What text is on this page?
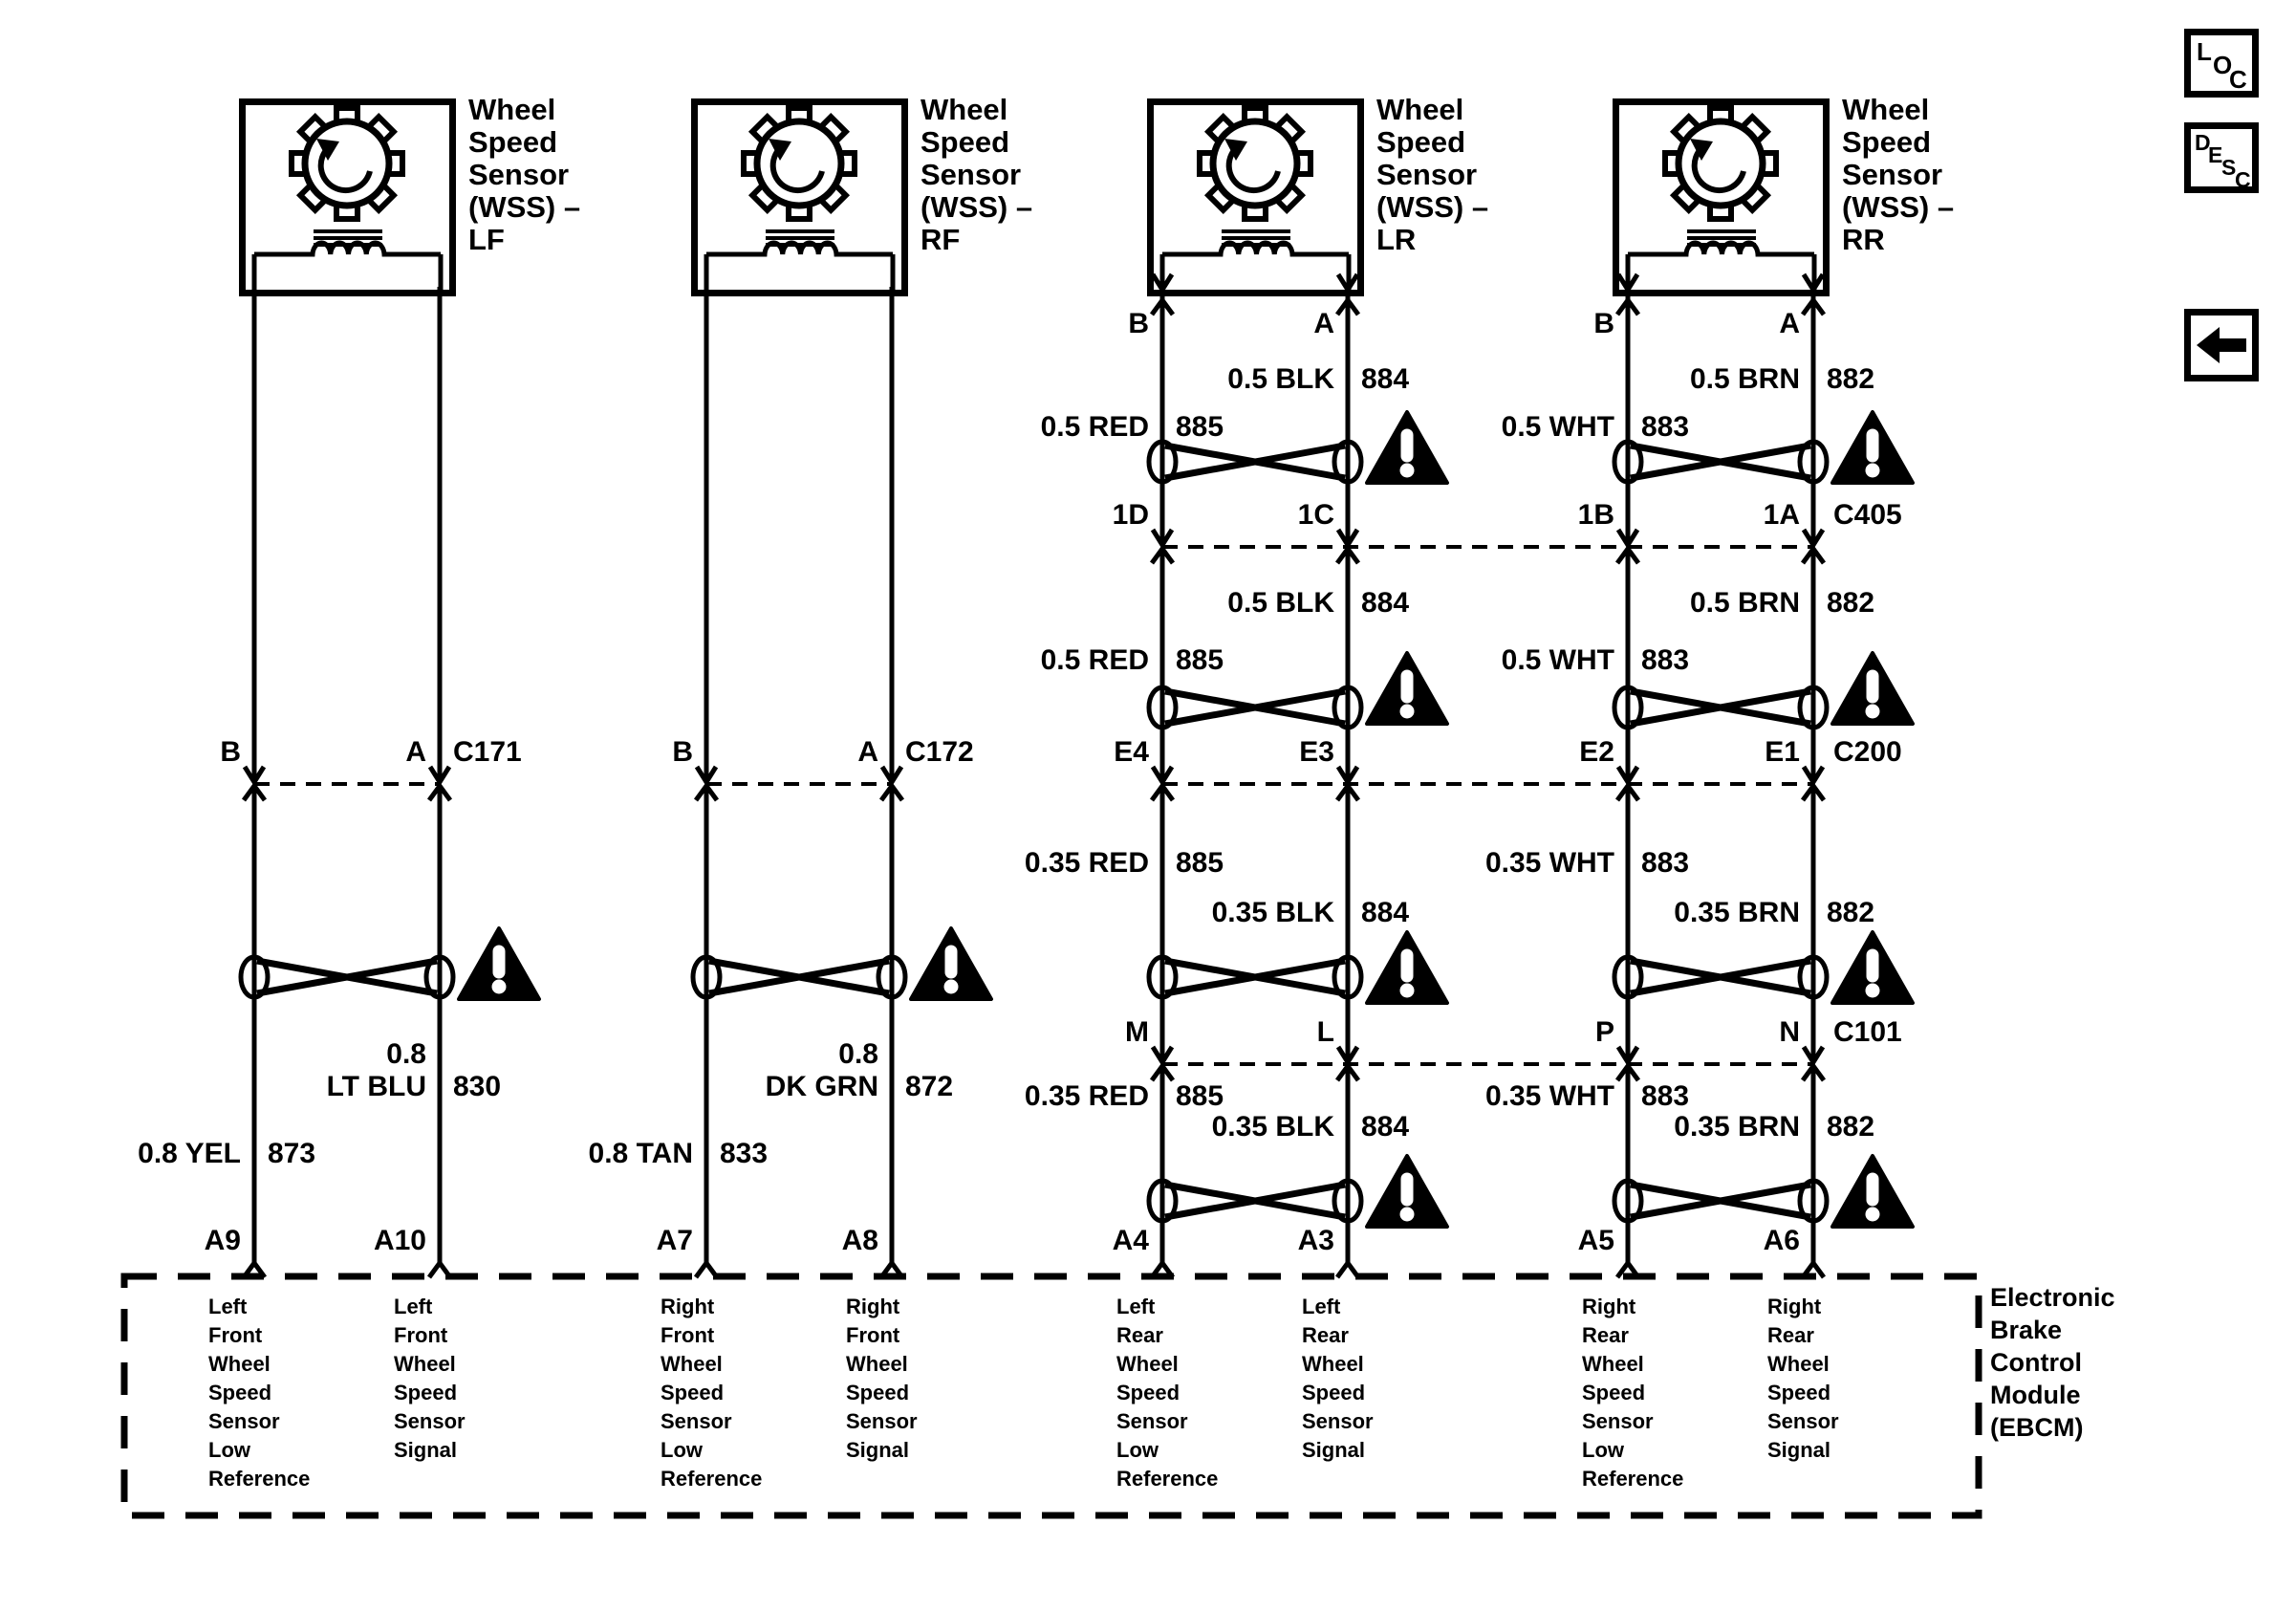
L O
C
D
E
S
C
Wheel
Speed
Sensor
(WSS) –
LF
Wheel
Speed
Sensor
(WSS) –
RF
Wheel
Speed
Sensor
(WSS) –
LR
Wheel
Speed
Sensor
(WSS) –
RR
B	A C171
0.8
LT BLU 830
0.8 YEL 873
A9	A10
B	A C172
0.8
DK GRN 872
0.8 TAN 833
A7	A8
B	A
0.5 BLK 884
0.5 RED 885
1D	1C	C405
0.5 BLK 884
0.5 RED 885
E4	E3	C200
0.35 RED 885
0.35 BLK 884
M	L	C101
0.35 RED 885
0.35 BLK 884
A4	A3
B	A
0.5 BRN 882
0.5 WHT 883
1B	1A
0.5 BRN 882
0.5 WHT 883
E2	E1
0.35 WHT 883
0.35 BRN 882
P	N
0.35 WHT 883
0.35 BRN 882
A5	A6
Left
Front
Wheel
Speed
Sensor
Low
Reference
Left
Front
Wheel
Speed
Sensor
Signal
Right
Front
Wheel
Speed
Sensor
Low
Reference
Right
Front
Wheel
Speed
Sensor
Signal
Left
Rear
Wheel
Speed
Sensor
Low
Reference
Left
Rear
Wheel
Speed
Sensor
Signal
Right
Rear
Wheel
Speed
Sensor
Low
Reference
Right
Rear
Wheel
Speed
Sensor
Signal
Electronic
Brake
Control
Module
(EBCM)
